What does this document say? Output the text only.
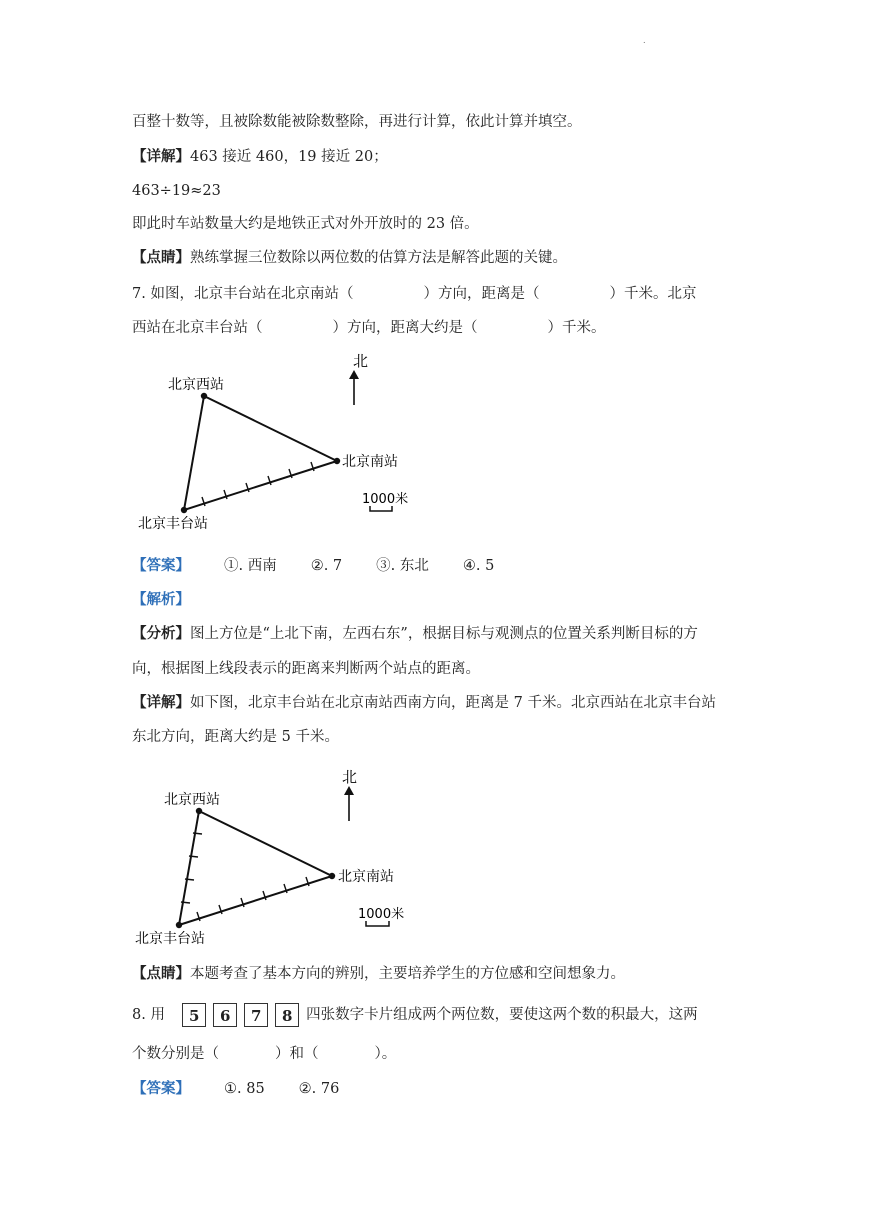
.
百整十数等，且被除数能被除数整除，再进行计算，依此计算并填空。
【详解】463 接近 460，19 接近 20；
463÷19≈23
即此时车站数量大约是地铁正式对外开放时的 23 倍。
【点睛】熟练掌握三位数除以两位数的估算方法是解答此题的关键。
7. 如图，北京丰台站在北京南站（	）方向，距离是（	）千米。北京
西站在北京丰台站（	）方向，距离大约是（	）千米。
北
北京西站
北京南站
北京丰台站
1000米
【答案】 ①. 西南 ②. 7 ③. 东北 ④. 5
【解析】
【分析】图上方位是“上北下南，左西右东”，根据目标与观测点的位置关系判断目标的方
向，根据图上线段表示的距离来判断两个站点的距离。
【详解】如下图，北京丰台站在北京南站西南方向，距离是 7 千米。北京西站在北京丰台站
东北方向，距离大约是 5 千米。
北
北京西站
北京南站
北京丰台站
1000米
【点睛】本题考查了基本方向的辨别，主要培养学生的方位感和空间想象力。
8. 用 5 6 7 8 四张数字卡片组成两个两位数，要使这两个数的积最大，这两
个数分别是（	）和（	）。
【答案】 ①. 85 ②. 76
